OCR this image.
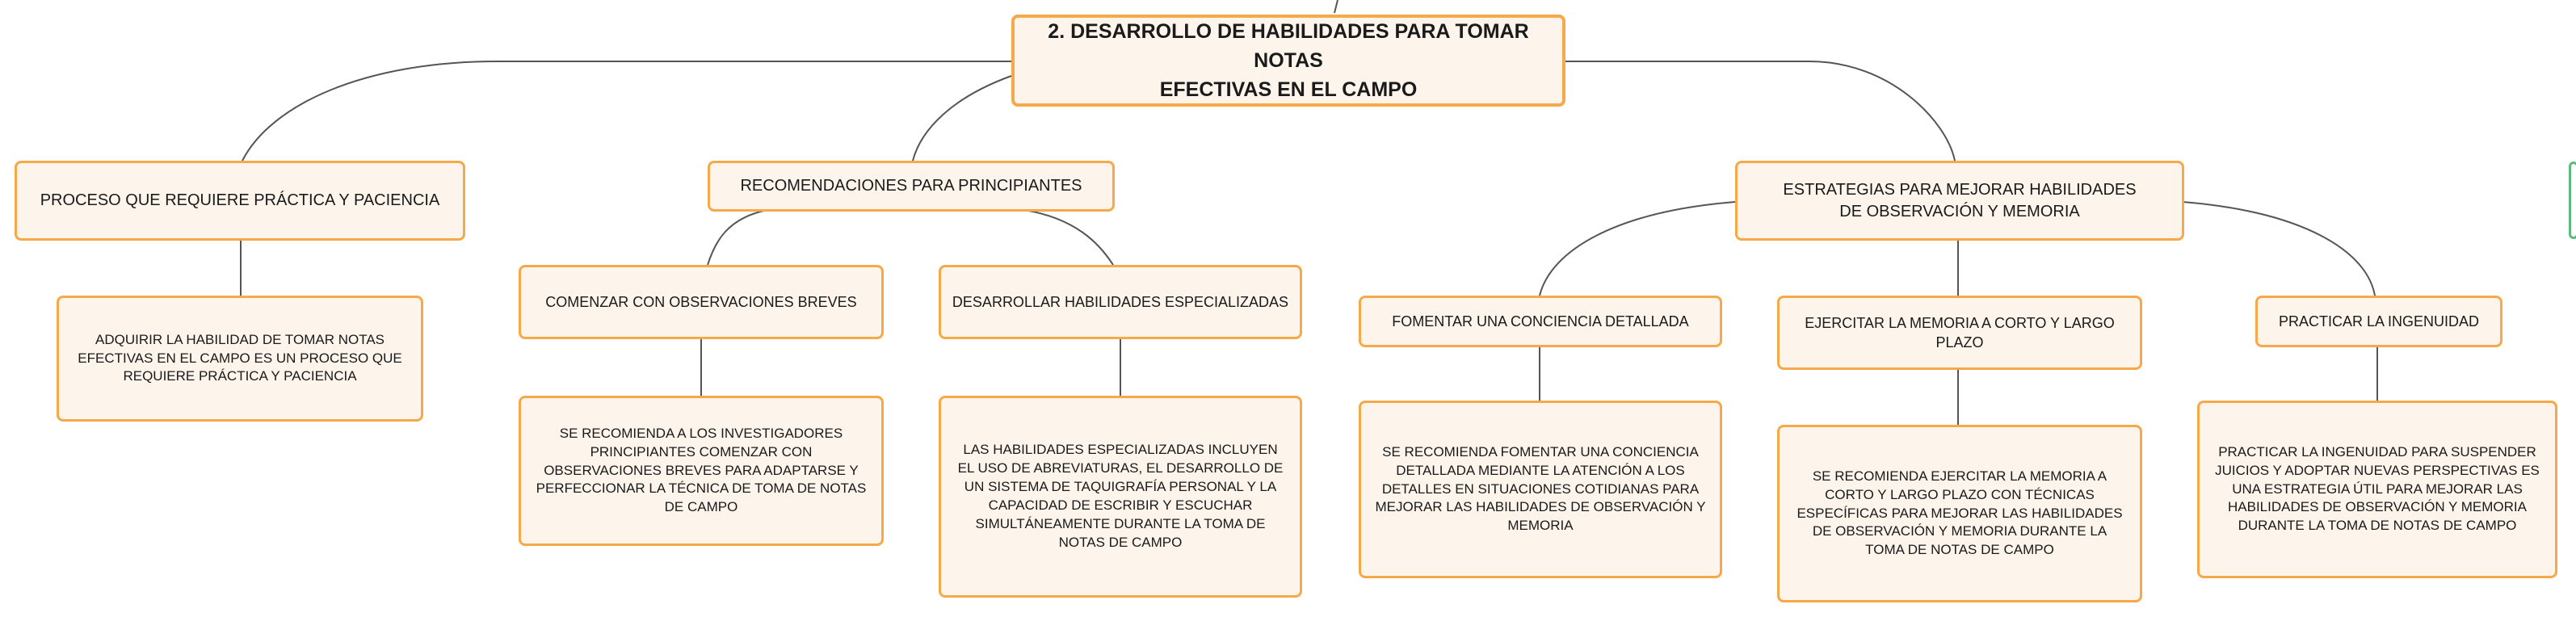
2. DESARROLLO DE HABILIDADES PARA TOMAR NOTAS
EFECTIVAS EN EL CAMPO
PROCESO QUE REQUIERE PRÁCTICA Y PACIENCIA
ADQUIRIR LA HABILIDAD DE TOMAR NOTAS EFECTIVAS EN EL CAMPO ES UN PROCESO QUE REQUIERE PRÁCTICA Y PACIENCIA
RECOMENDACIONES PARA PRINCIPIANTES
COMENZAR CON OBSERVACIONES BREVES
SE RECOMIENDA A LOS INVESTIGADORES PRINCIPIANTES COMENZAR CON OBSERVACIONES BREVES PARA ADAPTARSE Y PERFECCIONAR LA TÉCNICA DE TOMA DE NOTAS DE CAMPO
DESARROLLAR HABILIDADES ESPECIALIZADAS
LAS HABILIDADES ESPECIALIZADAS INCLUYEN EL USO DE ABREVIATURAS, EL DESARROLLO DE UN SISTEMA DE TAQUIGRAFÍA PERSONAL Y LA CAPACIDAD DE ESCRIBIR Y ESCUCHAR SIMULTÁNEAMENTE DURANTE LA TOMA DE NOTAS DE CAMPO
ESTRATEGIAS PARA MEJORAR HABILIDADES DE OBSERVACIÓN Y MEMORIA
FOMENTAR UNA CONCIENCIA DETALLADA
SE RECOMIENDA FOMENTAR UNA CONCIENCIA DETALLADA MEDIANTE LA ATENCIÓN A LOS DETALLES EN SITUACIONES COTIDIANAS PARA MEJORAR LAS HABILIDADES DE OBSERVACIÓN Y MEMORIA
EJERCITAR LA MEMORIA A CORTO Y LARGO PLAZO
SE RECOMIENDA EJERCITAR LA MEMORIA A CORTO Y LARGO PLAZO CON TÉCNICAS ESPECÍFICAS PARA MEJORAR LAS HABILIDADES DE OBSERVACIÓN Y MEMORIA DURANTE LA TOMA DE NOTAS DE CAMPO
PRACTICAR LA INGENUIDAD
PRACTICAR LA INGENUIDAD PARA SUSPENDER JUICIOS Y ADOPTAR NUEVAS PERSPECTIVAS ES UNA ESTRATEGIA ÚTIL PARA MEJORAR LAS HABILIDADES DE OBSERVACIÓN Y MEMORIA DURANTE LA TOMA DE NOTAS DE CAMPO
